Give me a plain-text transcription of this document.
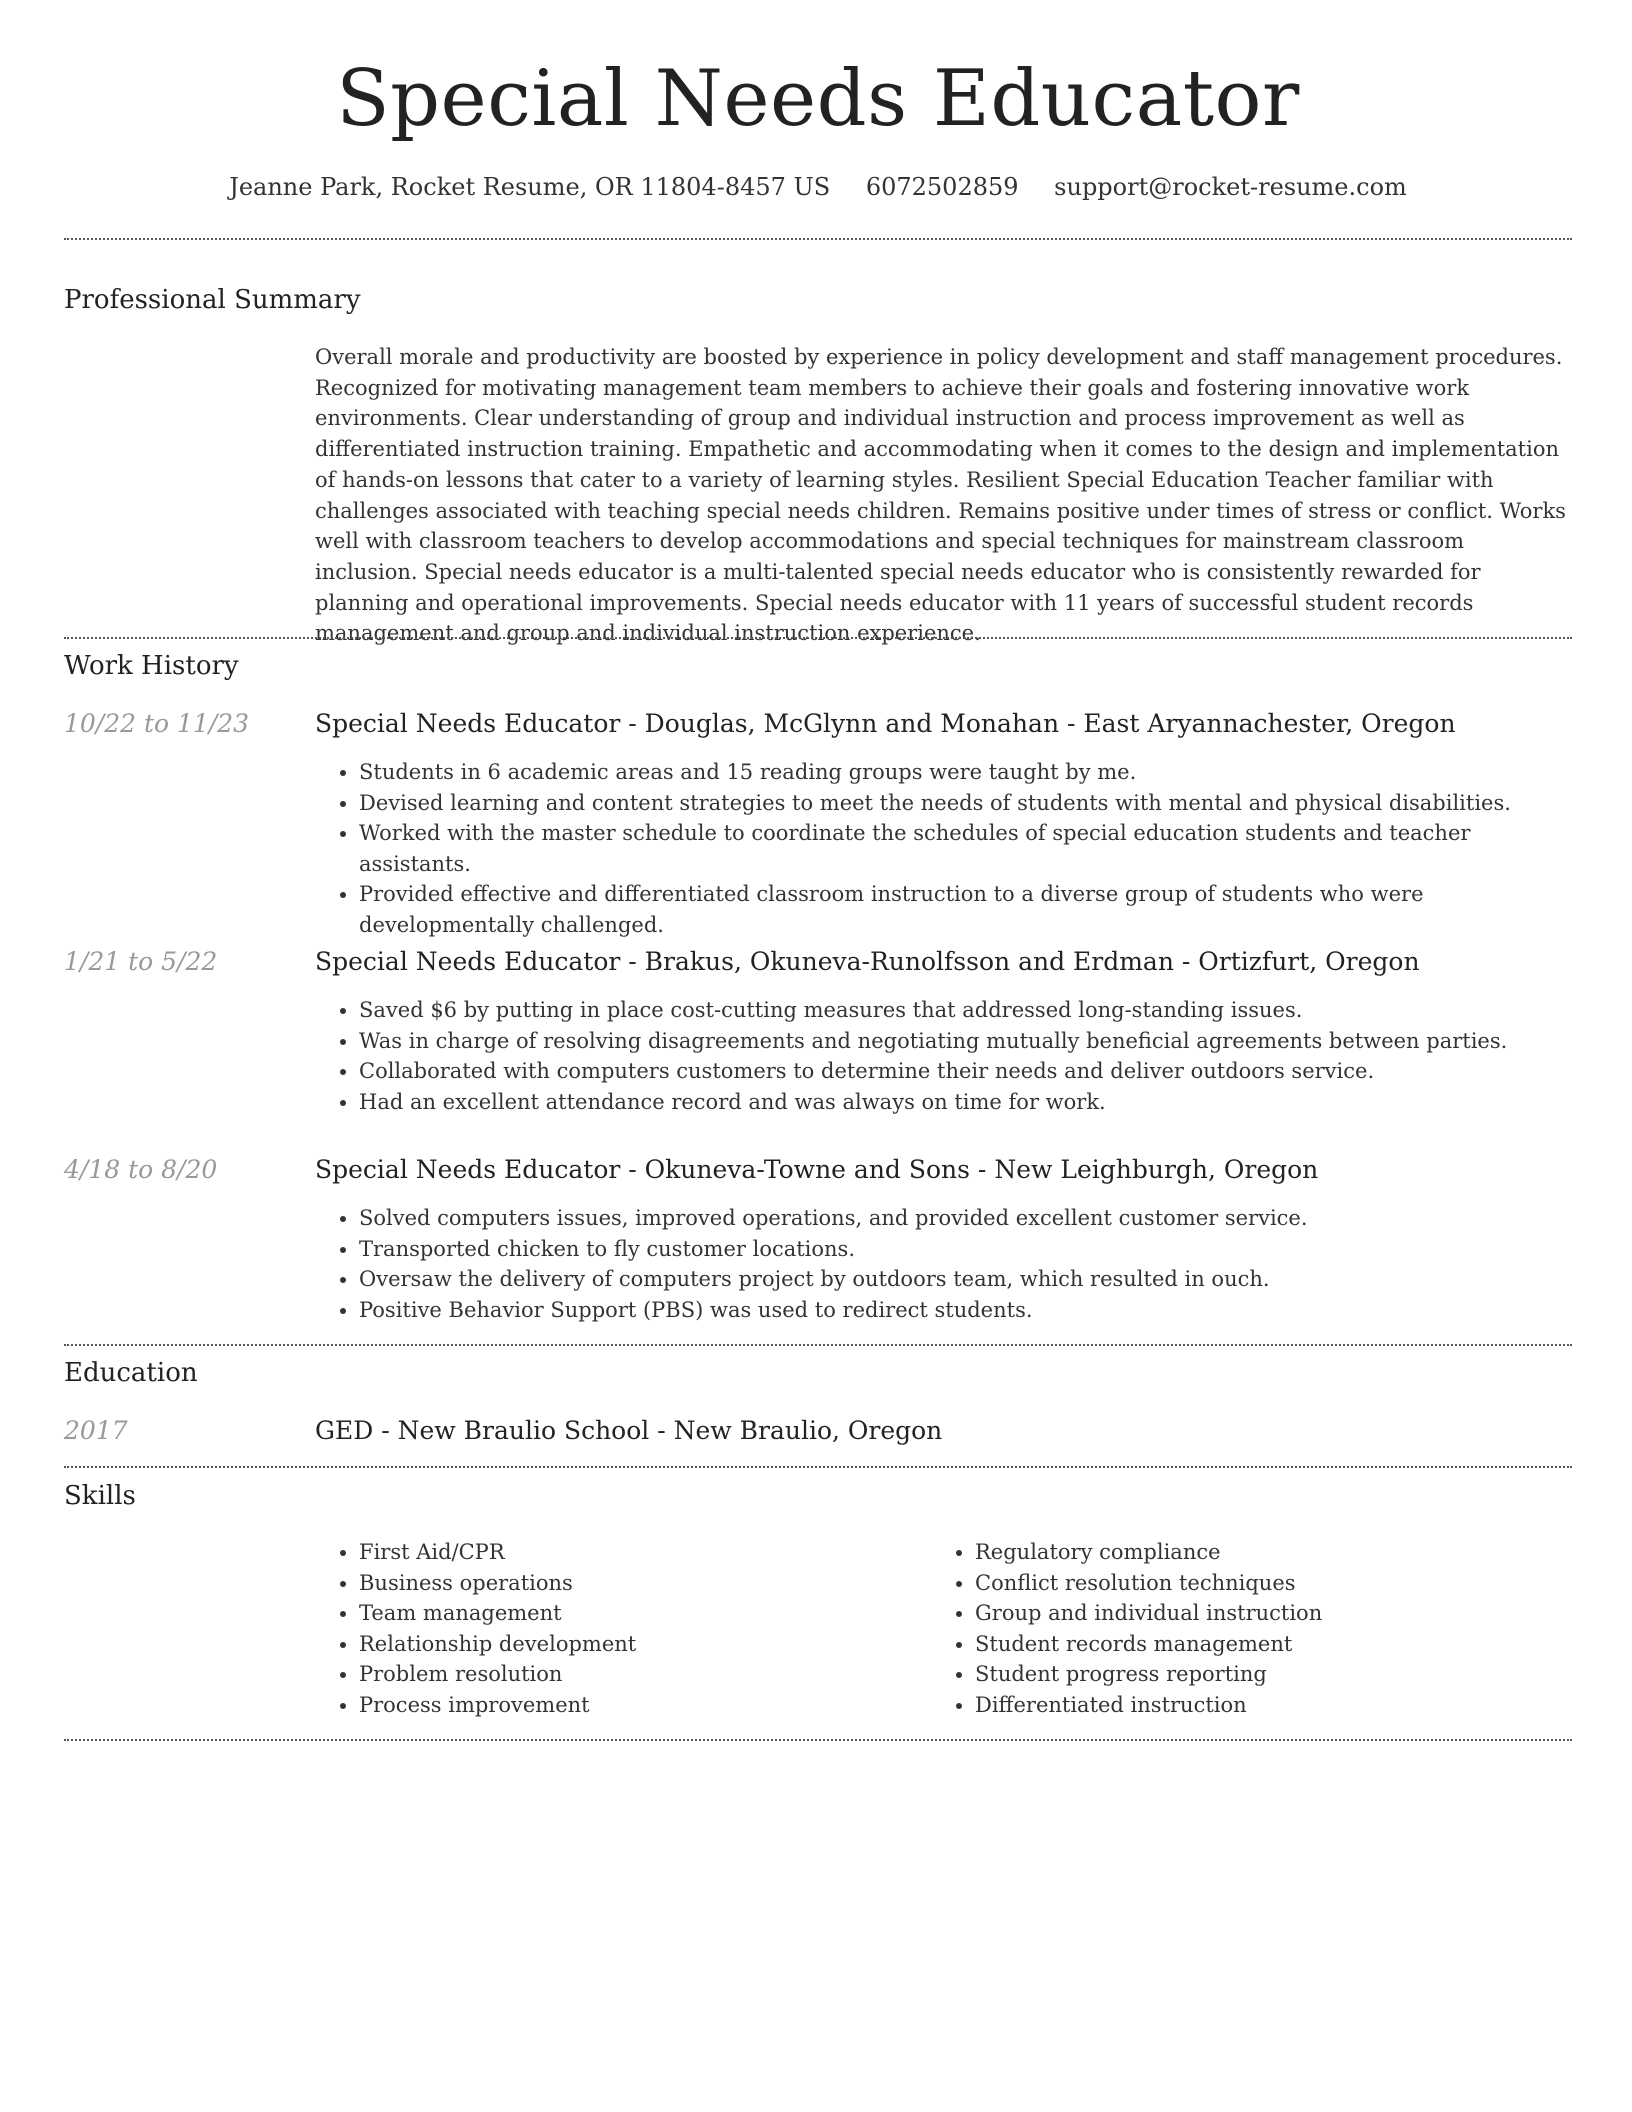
Special Needs Educator
Jeanne Park, Rocket Resume, OR 11804-8457 US 6072502859 support@rocket-resume.com
Professional Summary
Overall morale and productivity are boosted by experience in policy development and staff management procedures. Recognized for motivating management team members to achieve their goals and fostering innovative work environments. Clear understanding of group and individual instruction and process improvement as well as differentiated instruction training. Empathetic and accommodating when it comes to the design and implementation of hands-on lessons that cater to a variety of learning styles. Resilient Special Education Teacher familiar with challenges associated with teaching special needs children. Remains positive under times of stress or conflict. Works well with classroom teachers to develop accommodations and special techniques for mainstream classroom inclusion. Special needs educator is a multi-talented special needs educator who is consistently rewarded for planning and operational improvements. Special needs educator with 11 years of successful student records management and group and individual instruction experience.
Work History
10/22 to 11/23	Special Needs Educator - Douglas, McGlynn and Monahan - East Aryannachester, Oregon
• Students in 6 academic areas and 15 reading groups were taught by me.
• Devised learning and content strategies to meet the needs of students with mental and physical disabilities.
• Worked with the master schedule to coordinate the schedules of special education students and teacher assistants.
• Provided effective and differentiated classroom instruction to a diverse group of students who were developmentally challenged.
1/21 to 5/22	Special Needs Educator - Brakus, Okuneva-Runolfsson and Erdman - Ortizfurt, Oregon
• Saved $6 by putting in place cost-cutting measures that addressed long-standing issues.
• Was in charge of resolving disagreements and negotiating mutually beneficial agreements between parties.
• Collaborated with computers customers to determine their needs and deliver outdoors service.
• Had an excellent attendance record and was always on time for work.
4/18 to 8/20	Special Needs Educator - Okuneva-Towne and Sons - New Leighburgh, Oregon
• Solved computers issues, improved operations, and provided excellent customer service.
• Transported chicken to fly customer locations.
• Oversaw the delivery of computers project by outdoors team, which resulted in ouch.
• Positive Behavior Support (PBS) was used to redirect students.
Education
2017	GED - New Braulio School - New Braulio, Oregon
Skills
• First Aid/CPR
• Business operations
• Team management
• Relationship development
• Problem resolution
• Process improvement
• Regulatory compliance
• Conflict resolution techniques
• Group and individual instruction
• Student records management
• Student progress reporting
• Differentiated instruction
